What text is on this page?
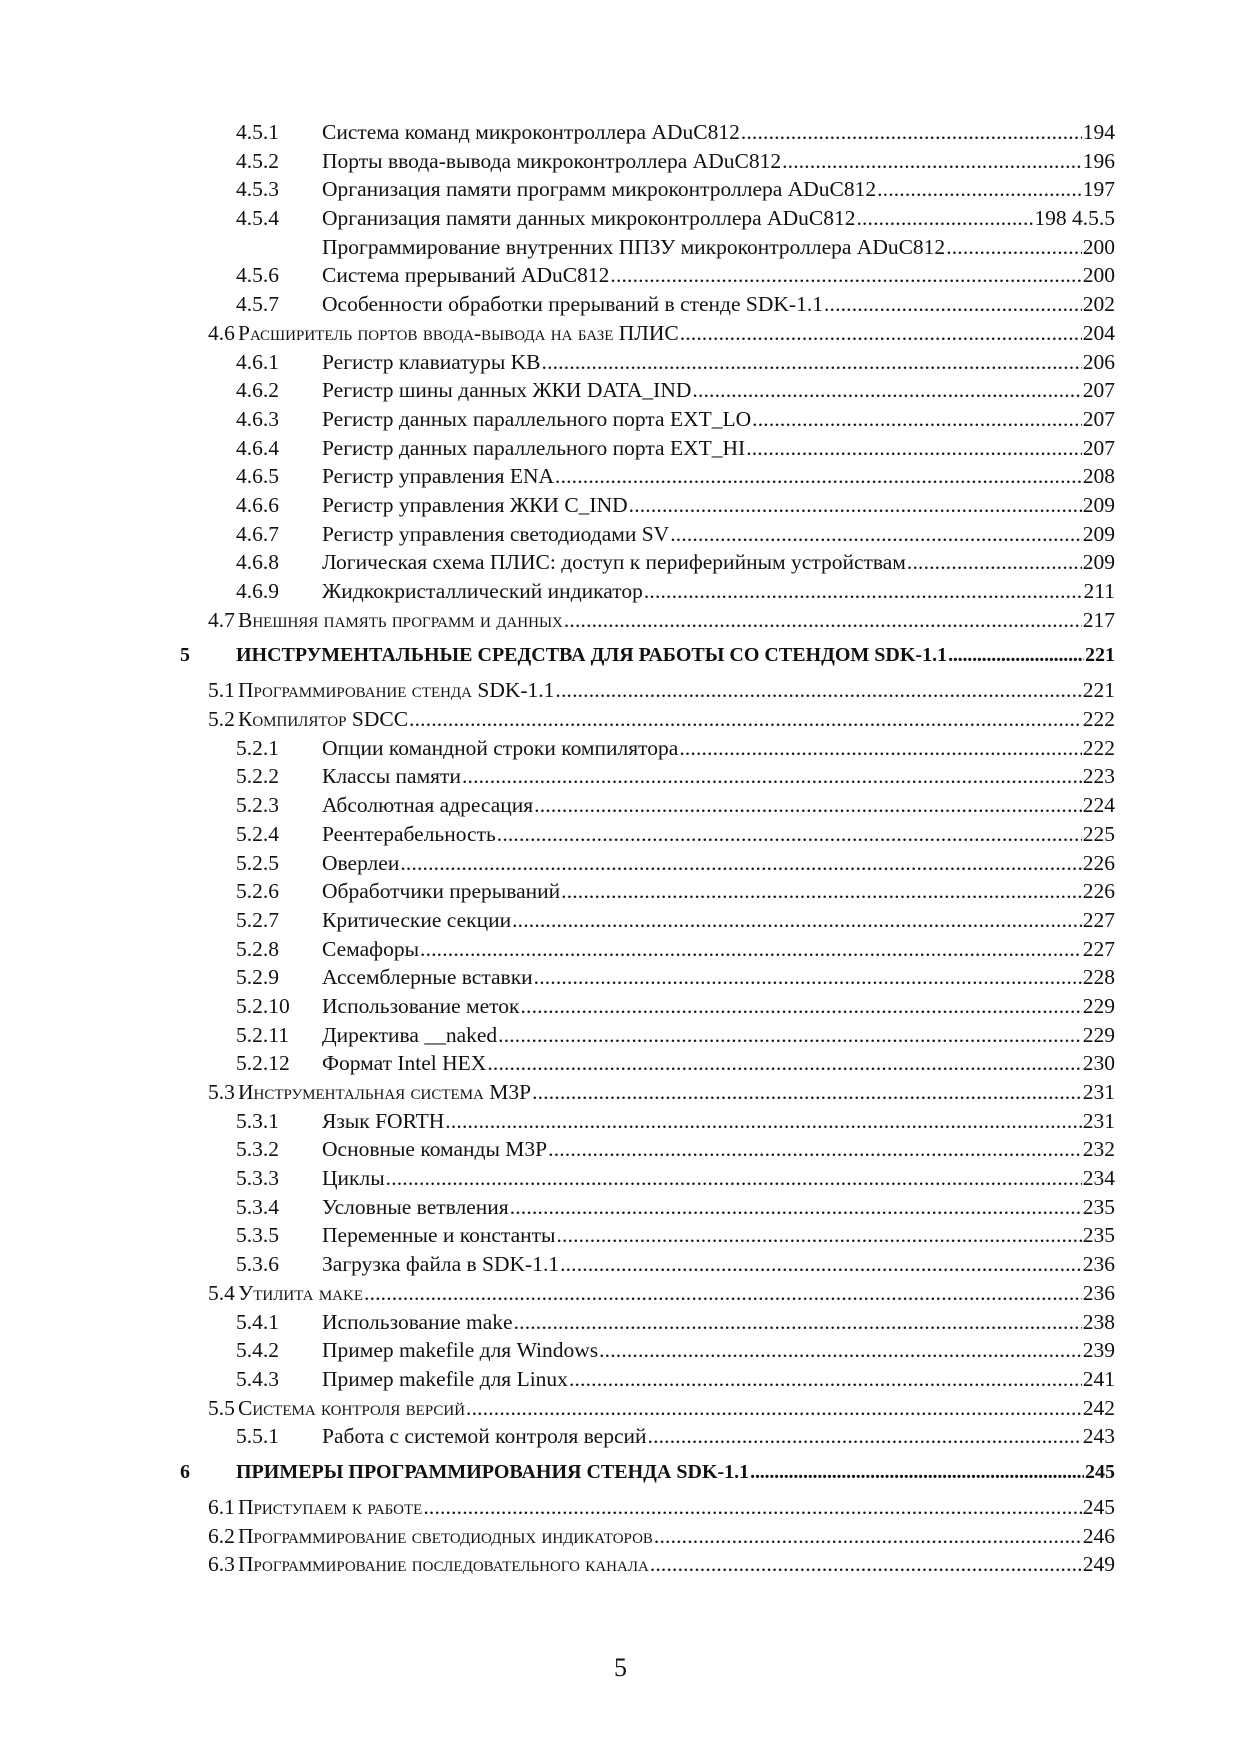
4.5.1 Система команд микроконтроллера ADuC812 . . .	194
4.5.2 Порты ввода-вывода микроконтроллера ADuC812 . . .	196
4.5.3 Организация памяти программ микроконтроллера ADuC812 . . .	197
4.5.4 Организация памяти данных микроконтроллера ADuC812 . . .	198 4.5.5
Программирование внутренних ППЗУ микроконтроллера ADuC812 . . .	200
4.5.6 Система прерываний ADuC812 . . .	200
4.5.7 Особенности обработки прерываний в стенде SDK-1.1 . . .	202
4.6 Расширитель портов ввода-вывода на базе ПЛИС . . .	204
4.6.1 Регистр клавиатуры KB . . .	206
4.6.2 Регистр шины данных ЖКИ DATA_IND . . .	207
4.6.3 Регистр данных параллельного порта EXT_LO . . .	207
4.6.4 Регистр данных параллельного порта EXT_HI . . .	207
4.6.5 Регистр управления ENA . . .	208
4.6.6 Регистр управления ЖКИ C_IND . . .	209
4.6.7 Регистр управления светодиодами SV . . .	209
4.6.8 Логическая схема ПЛИС: доступ к периферийным устройствам . . .	209
4.6.9 Жидкокристаллический индикатор . . .	211
4.7 Внешняя память программ и данных . . .	217
5 ИНСТРУМЕНТАЛЬНЫЕ СРЕДСТВА ДЛЯ РАБОТЫ СО СТЕНДОМ SDK-1.1 . . .	221
5.1 Программирование стенда SDK-1.1 . . .	221
5.2 Компилятор SDCC . . .	222
5.2.1 Опции командной строки компилятора . . .	222
5.2.2 Классы памяти . . .	223
5.2.3 Абсолютная адресация . . .	224
5.2.4 Реентерабельность . . .	225
5.2.5 Оверлеи . . .	226
5.2.6 Обработчики прерываний . . .	226
5.2.7 Критические секции . . .	227
5.2.8 Семафоры . . .	227
5.2.9 Ассемблерные вставки . . .	228
5.2.10 Использование меток . . .	229
5.2.11 Директива __naked . . .	229
5.2.12 Формат Intel HEX . . .	230
5.3 Инструментальная система M3P . . .	231
5.3.1 Язык FORTH . . .	231
5.3.2 Основные команды M3P . . .	232
5.3.3 Циклы . . .	234
5.3.4 Условные ветвления . . .	235
5.3.5 Переменные и константы . . .	235
5.3.6 Загрузка файла в SDK-1.1 . . .	236
5.4 Утилита make . . .	236
5.4.1 Использование make . . .	238
5.4.2 Пример makefile для Windows . . .	239
5.4.3 Пример makefile для Linux . . .	241
5.5 Система контроля версий . . .	242
5.5.1 Работа с системой контроля версий . . .	243
6 ПРИМЕРЫ ПРОГРАММИРОВАНИЯ СТЕНДА SDK-1.1 . . .	245
6.1 Приступаем к работе . . .	245
6.2 Программирование светодиодных индикаторов . . .	246
6.3 Программирование последовательного канала . . .	249
5
